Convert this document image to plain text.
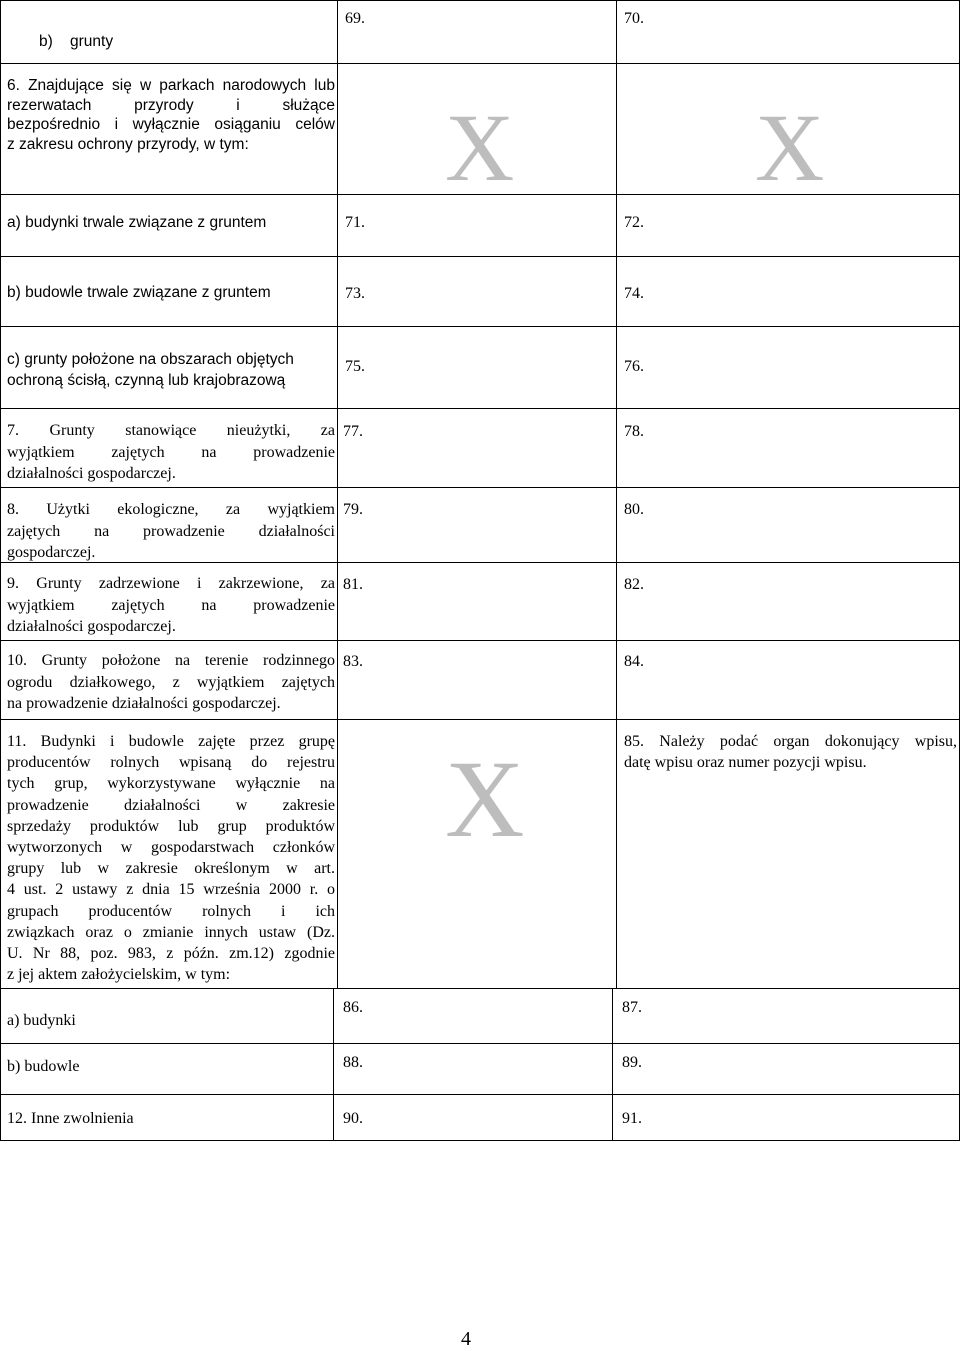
b)    grunty
69.	70.
6. Znajdujące się w parkach narodowych lub
rezerwatach przyrody i służące
bezpośrednio i wyłącznie osiąganiu celów
z zakresu ochrony przyrody, w tym:	X	X
a) budynki trwale związane z gruntem	71.	72.
b) budowle trwale związane z gruntem	73.	74.
c) grunty położone na obszarach objętych
ochroną ścisłą, czynną lub krajobrazową
75.	76.
7. Grunty stanowiące nieużytki, za
wyjątkiem zajętych na prowadzenie
działalności gospodarczej.
77.	78.
8. Użytki ekologiczne, za wyjątkiem
zajętych na prowadzenie działalności
gospodarczej.
79.	80.
9. Grunty zadrzewione i zakrzewione, za
wyjątkiem zajętych na prowadzenie
działalności gospodarczej.
81.	82.
10. Grunty położone na terenie rodzinnego
ogrodu działkowego, z wyjątkiem zajętych
na prowadzenie działalności gospodarczej.
83.	84.
11. Budynki i budowle zajęte przez grupę
producentów rolnych wpisaną do rejestru
tych grup, wykorzystywane wyłącznie na
prowadzenie działalności w zakresie
sprzedaży produktów lub grup produktów
wytworzonych w gospodarstwach członków
grupy lub w zakresie określonym w art.
4 ust. 2 ustawy z dnia 15 września 2000 r. o
grupach producentów rolnych i ich
związkach oraz o zmianie innych ustaw (Dz.
U. Nr 88, poz. 983, z późn. zm.12) zgodnie
z jej aktem założycielskim, w tym:
X	85. Należy podać organ dokonujący wpisu,
datę wpisu oraz numer pozycji wpisu.
a) budynki
86.	87.
b) budowle	88.	89.
12. Inne zwolnienia	90.	91.
4
